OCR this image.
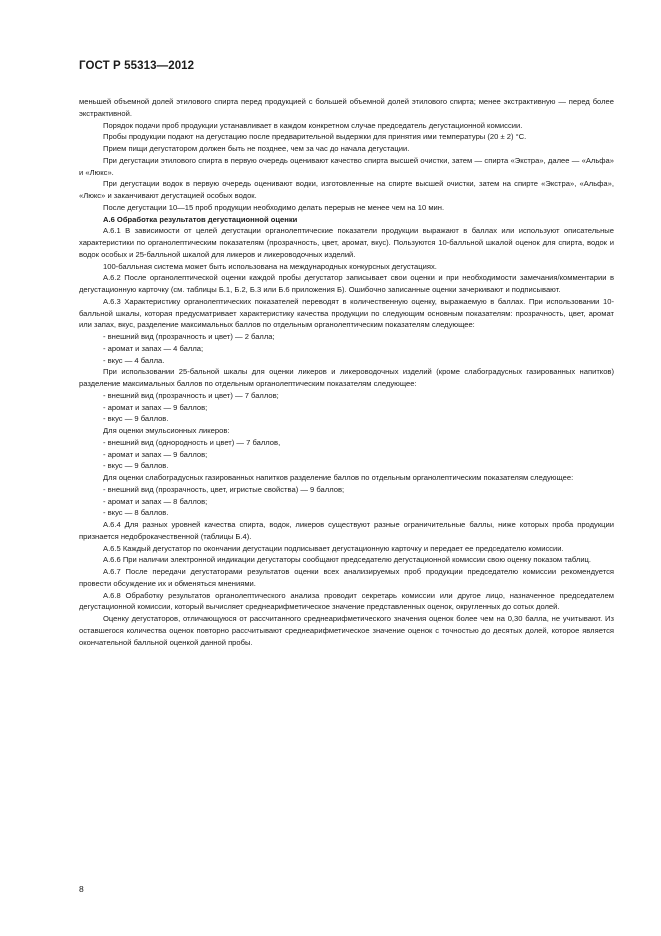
ГОСТ Р 55313—2012

меньшей объемной долей этилового спирта перед продукцией с большей объемной долей этилового спирта; менее экстрактивную — перед более экстрактивной.

Порядок подачи проб продукции устанавливает в каждом конкретном случае председатель дегустационной комиссии.

Пробы продукции подают на дегустацию после предварительной выдержки для принятия ими температуры (20 ± 2) °С.

Прием пищи дегустатором должен быть не позднее, чем за час до начала дегустации.

При дегустации этилового спирта в первую очередь оценивают качество спирта высшей очистки, затем — спирта «Экстра», далее — «Альфа» и «Люкс».

При дегустации водок в первую очередь оценивают водки, изготовленные на спирте высшей очистки, затем на спирте «Экстра», «Альфа», «Люкс» и заканчивают дегустацией особых водок.

После дегустации 10—15 проб продукции необходимо делать перерыв не менее чем на 10 мин.

А.6 Обработка результатов дегустационной оценки

А.6.1 В зависимости от целей дегустации органолептические показатели продукции выражают в баллах или используют описательные характеристики по органолептическим показателям (прозрачность, цвет, аромат, вкус). Пользуются 10-балльной шкалой оценок для спирта, водок и водок особых и 25-балльной шкалой для ликеров и ликероводочных изделий.

100-балльная система может быть использована на международных конкурсных дегустациях.

А.6.2 После органолептической оценки каждой пробы дегустатор записывает свои оценки и при необходимости замечания/комментарии в дегустационную карточку (см. таблицы Б.1, Б.2, Б.3 или Б.6 приложения Б). Ошибочно записанные оценки зачеркивают и подписывают.

А.6.3 Характеристику органолептических показателей переводят в количественную оценку, выражаемую в баллах. При использовании 10-балльной шкалы, которая предусматривает характеристику качества продукции по следующим основным показателям: прозрачность, цвет, аромат или запах, вкус, разделение максимальных баллов по отдельным органолептическим показателям следующее:

- внешний вид (прозрачность и цвет) — 2 балла;

- аромат и запах — 4 балла;

- вкус — 4 балла.

При использовании 25-бальной шкалы для оценки ликеров и ликероводочных изделий (кроме слабоградусных газированных напитков) разделение максимальных баллов по отдельным органолептическим показателям следующее:

- внешний вид (прозрачность и цвет) — 7 баллов;

- аромат и запах — 9 баллов;

- вкус — 9 баллов.

Для оценки эмульсионных ликеров:

- внешний вид (однородность и цвет) — 7 баллов,

- аромат и запах — 9 баллов;

- вкус — 9 баллов.

Для оценки слабоградусных газированных напитков разделение баллов по отдельным органолептическим показателям следующее:

- внешний вид (прозрачность, цвет, игристые свойства) — 9 баллов;

- аромат и запах — 8 баллов;

- вкус — 8 баллов.

А.6.4 Для разных уровней качества спирта, водок, ликеров существуют разные ограничительные баллы, ниже которых проба продукции признается недоброкачественной (таблицы Б.4).

А.6.5 Каждый дегустатор по окончании дегустации подписывает дегустационную карточку и передает ее председателю комиссии.

А.6.6 При наличии электронной индикации дегустаторы сообщают председателю дегустационной комиссии свою оценку показом таблиц.

А.6.7 После передачи дегустаторами результатов оценки всех анализируемых проб продукции председателю комиссии рекомендуется провести обсуждение их и обменяться мнениями.

А.6.8 Обработку результатов органолептического анализа проводит секретарь комиссии или другое лицо, назначенное председателем дегустационной комиссии, который вычисляет среднеарифметическое значение представленных оценок, округленных до сотых долей.

Оценку дегустаторов, отличающуюся от рассчитанного среднеарифметического значения оценок более чем на 0,30 балла, не учитывают. Из оставшегося количества оценок повторно рассчитывают среднеарифметическое значение оценок с точностью до десятых долей, которое является окончательной балльной оценкой данной пробы.

8
